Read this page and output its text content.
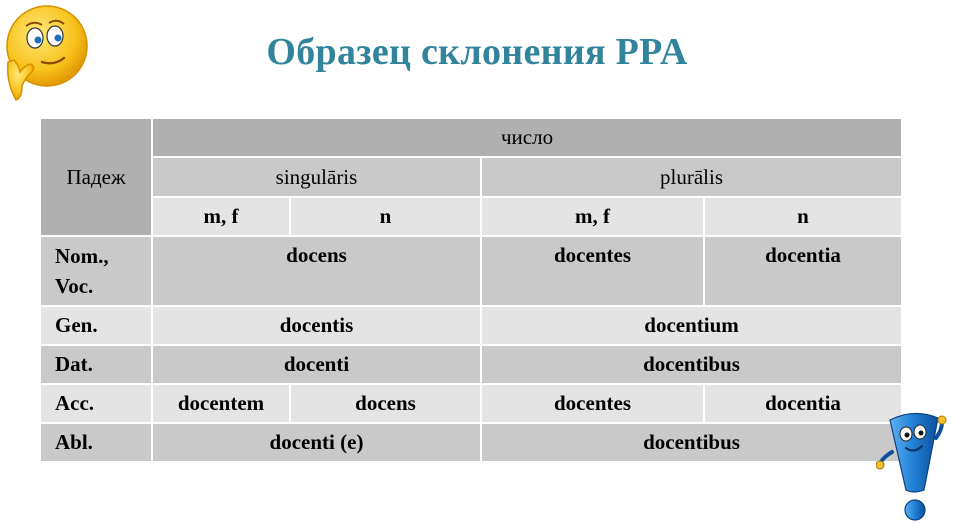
Образец склонения PPA
Падеж	число			
	singulāris		plurālis	
	m, f	n	m, f	n

Nom., Voc.	docens		docentes	docentia
Gen.	docentis		docentium	
Dat.	docenti		docentibus	
Acc.	docentem	docens	docentes	docentia
Abl.	docenti (e)		docentibus	
